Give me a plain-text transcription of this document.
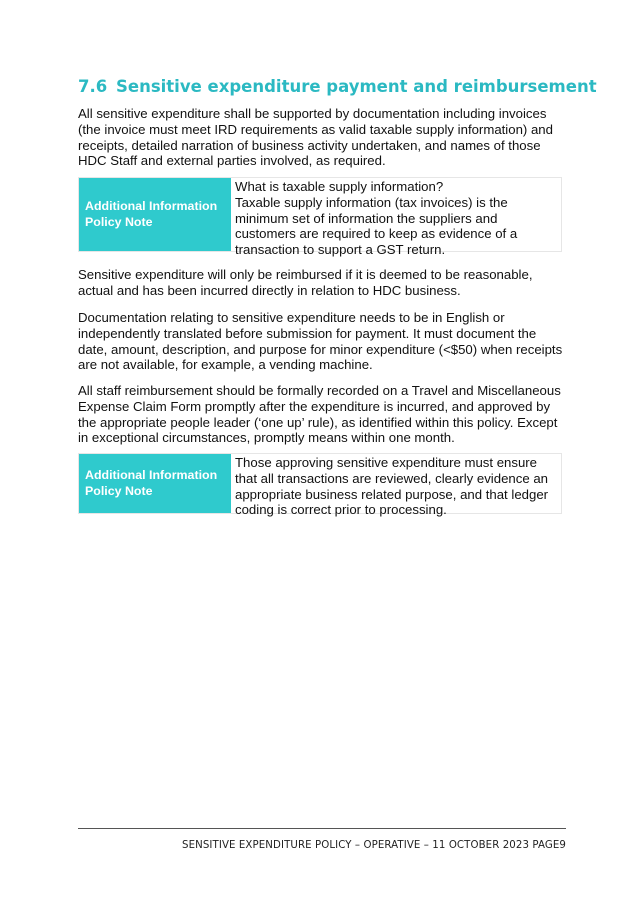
7.6 Sensitive expenditure payment and reimbursement

All sensitive expenditure shall be supported by documentation including invoices (the invoice must meet IRD requirements as valid taxable supply information) and receipts, detailed narration of business activity undertaken, and names of those HDC Staff and external parties involved, as required.

Additional Information Policy Note

What is taxable supply information?

Taxable supply information (tax invoices) is the minimum set of information the suppliers and customers are required to keep as evidence of a transaction to support a GST return.

Sensitive expenditure will only be reimbursed if it is deemed to be reasonable, actual and has been incurred directly in relation to HDC business.

Documentation relating to sensitive expenditure needs to be in English or independently translated before submission for payment. It must document the date, amount, description, and purpose for minor expenditure (<$50) when receipts are not available, for example, a vending machine.

All staff reimbursement should be formally recorded on a Travel and Miscellaneous Expense Claim Form promptly after the expenditure is incurred, and approved by the appropriate people leader (‘one up’ rule), as identified within this policy. Except in exceptional circumstances, promptly means within one month.

Additional Information Policy Note

Those approving sensitive expenditure must ensure that all transactions are reviewed, clearly evidence an appropriate business related purpose, and that ledger coding is correct prior to processing.

SENSITIVE EXPENDITURE POLICY – OPERATIVE – 11 OCTOBER 2023 PAGE9
